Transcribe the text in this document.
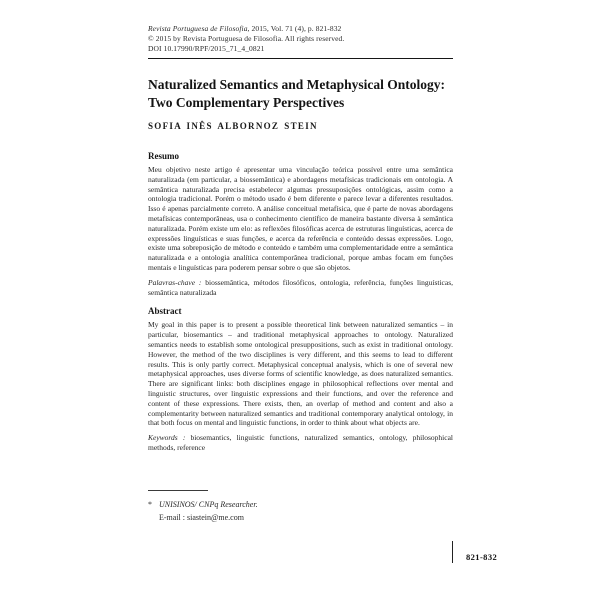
Revista Portuguesa de Filosofia, 2015, Vol. 71 (4), p. 821-832
© 2015 by Revista Portuguesa de Filosofia. All rights reserved.
DOI 10.17990/RPF/2015_71_4_0821
Naturalized Semantics and Metaphysical Ontology: Two Complementary Perspectives
SOFIA INÊS ALBORNOZ STEIN
Resumo

Meu objetivo neste artigo é apresentar uma vinculação teórica possível entre uma semântica naturalizada (em particular, a biossemântica) e abordagens metafísicas tradicionais em ontologia. A semântica naturalizada precisa estabelecer algumas pressuposições ontológicas, assim como a ontologia tradicional. Porém o método usado é bem diferente e parece levar a diferentes resultados. Isso é apenas parcialmente correto. A análise conceitual metafísica, que é parte de novas abordagens metafísicas contemporâneas, usa o conhecimento científico de maneira bastante diversa à semântica naturalizada. Porém existe um elo: as reflexões filosóficas acerca de estruturas linguísticas, acerca de expressões linguísticas e suas funções, e acerca da referência e conteúdo dessas expressões. Logo, existe uma sobreposição de método e conteúdo e também uma complementaridade entre a semântica naturalizada e a ontologia analítica contemporânea tradicional, porque ambas focam em funções mentais e linguísticas para poderem pensar sobre o que são objetos.

Palavras-chave : biossemântica, métodos filosóficos, ontologia, referência, funções linguísticas, semântica naturalizada

Abstract

My goal in this paper is to present a possible theoretical link between naturalized semantics – in particular, biosemantics – and traditional metaphysical approaches to ontology. Naturalized semantics needs to establish some ontological presuppositions, such as exist in traditional ontology. However, the method of the two disciplines is very different, and this seems to lead to different results. This is only partly correct. Metaphysical conceptual analysis, which is one of several new metaphysical approaches, uses diverse forms of scientific knowledge, as does naturalized semantics. There are significant links: both disciplines engage in philosophical reflections over mental and linguistic structures, over linguistic expressions and their functions, and over the reference and content of these expressions. There exists, then, an overlap of method and content and also a complementarity between naturalized semantics and traditional contemporary analytical ontology, in that both focus on mental and linguistic functions, in order to think about what objects are.

Keywords : biosemantics, linguistic functions, naturalized semantics, ontology, philosophical methods, reference

* UNISINOS/ CNPq Researcher.
E-mail : siastein@me.com
821-832
